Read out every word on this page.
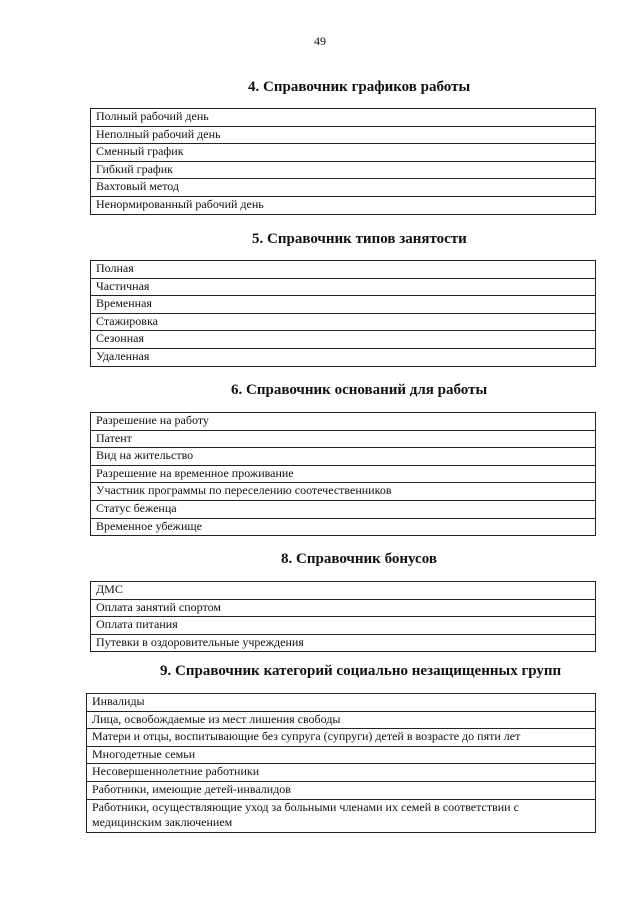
49
4. Справочник графиков работы
Полный рабочий день
Неполный рабочий день
Сменный график
Гибкий график
Вахтовый метод
Ненормированный рабочий день
5. Справочник типов занятости
Полная
Частичная
Временная
Стажировка
Сезонная
Удаленная
6. Справочник оснований для работы
Разрешение на работу
Патент
Вид на жительство
Разрешение на временное проживание
Участник программы по переселению соотечественников
Статус беженца
Временное убежище
8. Справочник бонусов
ДМС
Оплата занятий спортом
Оплата питания
Путевки в оздоровительные учреждения
9. Справочник категорий социально незащищенных групп
Инвалиды
Лица, освобождаемые из мест лишения свободы
Матери и отцы, воспитывающие без супруга (супруги) детей в возрасте до пяти лет
Многодетные семьи
Несовершеннолетние работники
Работники, имеющие детей-инвалидов
Работники, осуществляющие уход за больными членами их семей в соответствии с медицинским заключением
